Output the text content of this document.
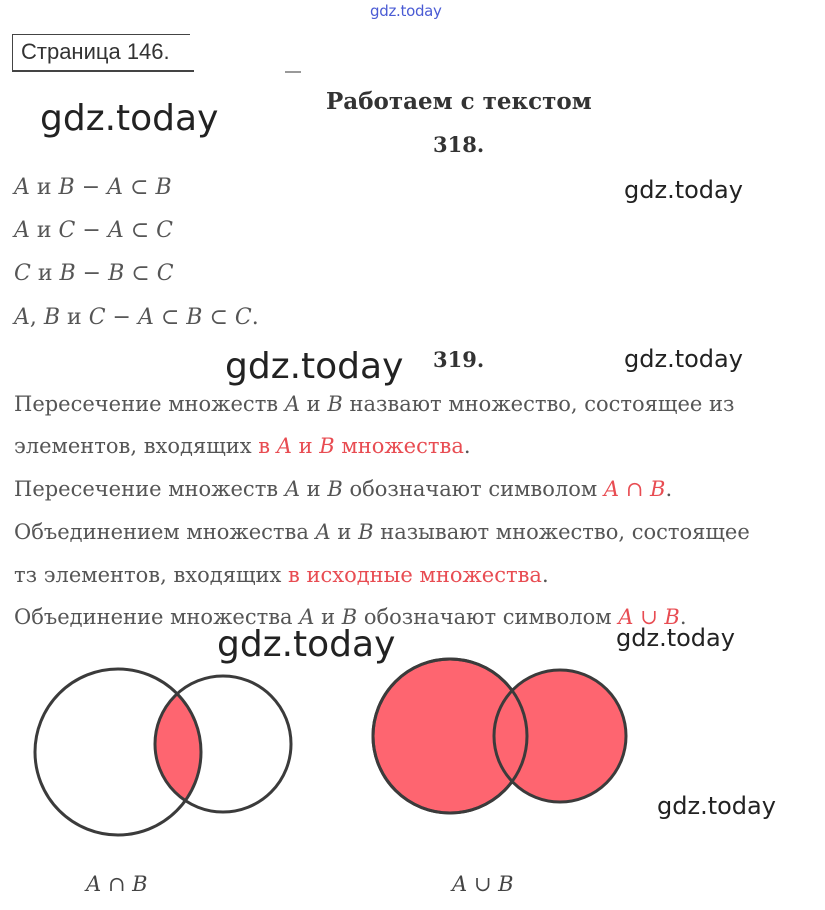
gdz.today
Страница 146.
gdz.today	Работаем с текстом
318.
gdz.today
A и B − A ⊂ B
A и C − A ⊂ C
C и B − B ⊂ C
A, B и C − A ⊂ B ⊂ C.
gdz.today 319.	gdz.today
Пересечение множеств A и B назвают множество, состоящее из
элементов, входящих в A и B множества.
Пересечение множеств A и B обозначают символом A ∩ B.
Объединением множества A и B называют множество, состоящее
тз элементов, входящих в исходные множества.
Объединение множества A и B обозначают символом A ∪ B.
gdz.today	gdz.today
gdz.today
A ∩ B	A ∪ B
